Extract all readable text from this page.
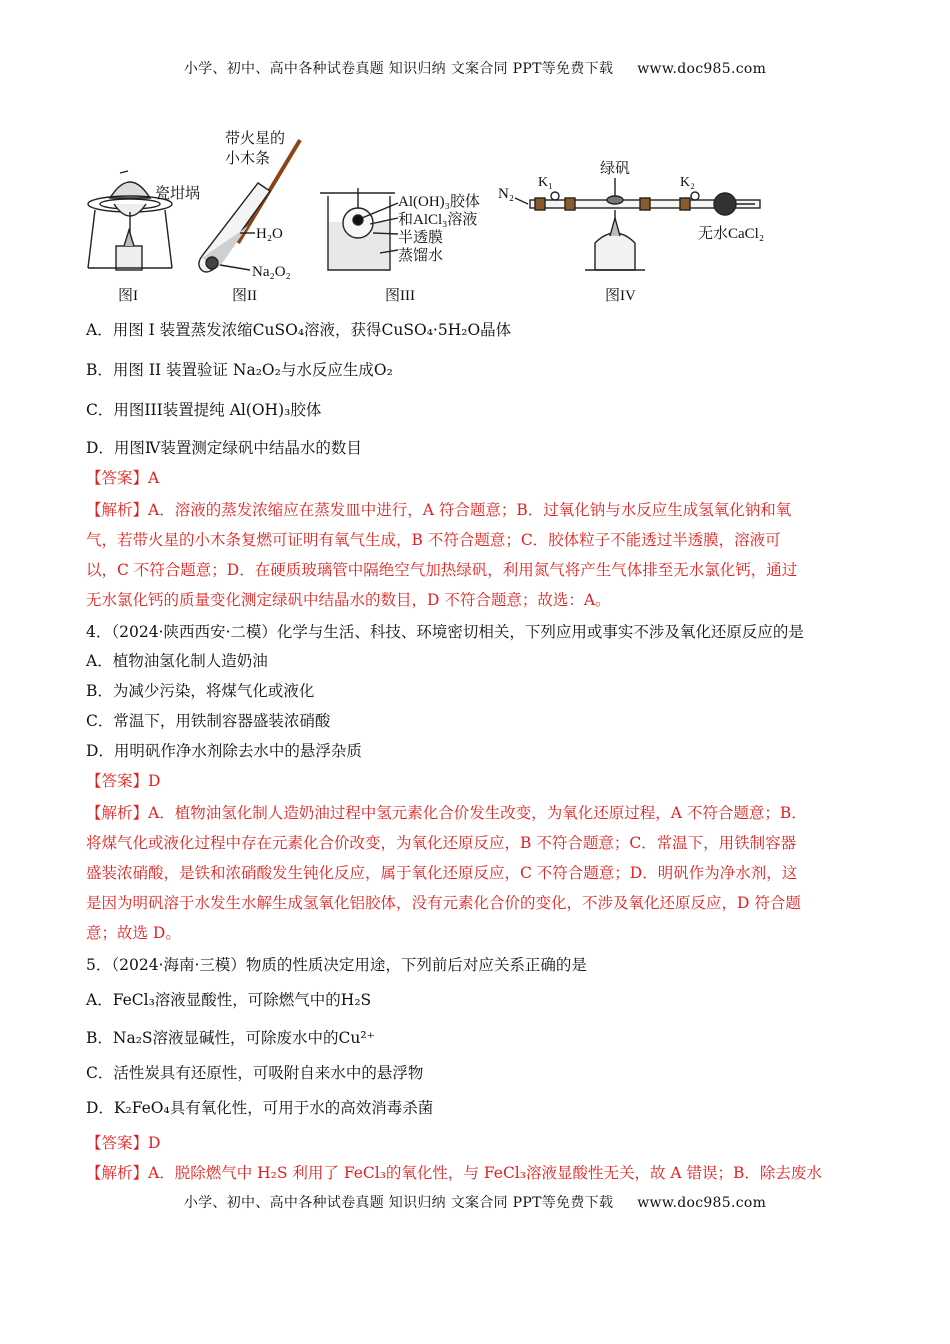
小学、初中、高中各种试卷真题 知识归纳 文案合同 PPT等免费下载 www.doc985.com
瓷坩埚
带火星的
小木条
H₂O
Na₂O₂
Al(OH)₃胶体
和AlCl₃溶液
半透膜
蒸馏水
N₂
K₁	K₂
绿矾
无水CaCl₂
图I	图II	图III	图IV
A．用图 I 装置蒸发浓缩CuSO₄溶液，获得CuSO₄·5H₂O晶体
B．用图 II 装置验证 Na₂O₂与水反应生成O₂
C．用图III装置提纯 Al(OH)₃胶体
D．用图Ⅳ装置测定绿矾中结晶水的数目
【答案】A
【解析】A．溶液的蒸发浓缩应在蒸发皿中进行，A 符合题意；B．过氧化钠与水反应生成氢氧化钠和氧
气，若带火星的小木条复燃可证明有氧气生成，B 不符合题意；C．胶体粒子不能透过半透膜，溶液可
以，C 不符合题意；D．在硬质玻璃管中隔绝空气加热绿矾，利用氮气将产生气体排至无水氯化钙，通过
无水氯化钙的质量变化测定绿矾中结晶水的数目，D 不符合题意；故选：A。
4．（2024·陕西西安·二模）化学与生活、科技、环境密切相关，下列应用或事实不涉及氧化还原反应的是
A．植物油氢化制人造奶油
B．为减少污染，将煤气化或液化
C．常温下，用铁制容器盛装浓硝酸
D．用明矾作净水剂除去水中的悬浮杂质
【答案】D
【解析】A．植物油氢化制人造奶油过程中氢元素化合价发生改变，为氧化还原过程，A 不符合题意；B．
将煤气化或液化过程中存在元素化合价改变，为氧化还原反应，B 不符合题意；C．常温下，用铁制容器
盛装浓硝酸，是铁和浓硝酸发生钝化反应，属于氧化还原反应，C 不符合题意；D．明矾作为净水剂，这
是因为明矾溶于水发生水解生成氢氧化铝胶体，没有元素化合价的变化，不涉及氧化还原反应，D 符合题
意；故选 D。
5．（2024·海南·三模）物质的性质决定用途，下列前后对应关系正确的是
A．FeCl₃溶液显酸性，可除燃气中的H₂S
B．Na₂S溶液显碱性，可除废水中的Cu²⁺
C．活性炭具有还原性，可吸附自来水中的悬浮物
D．K₂FeO₄具有氧化性，可用于水的高效消毒杀菌
【答案】D
【解析】A．脱除燃气中 H₂S 利用了 FeCl₃的氧化性，与 FeCl₃溶液显酸性无关，故 A 错误；B．除去废水
小学、初中、高中各种试卷真题 知识归纳 文案合同 PPT等免费下载 www.doc985.com
